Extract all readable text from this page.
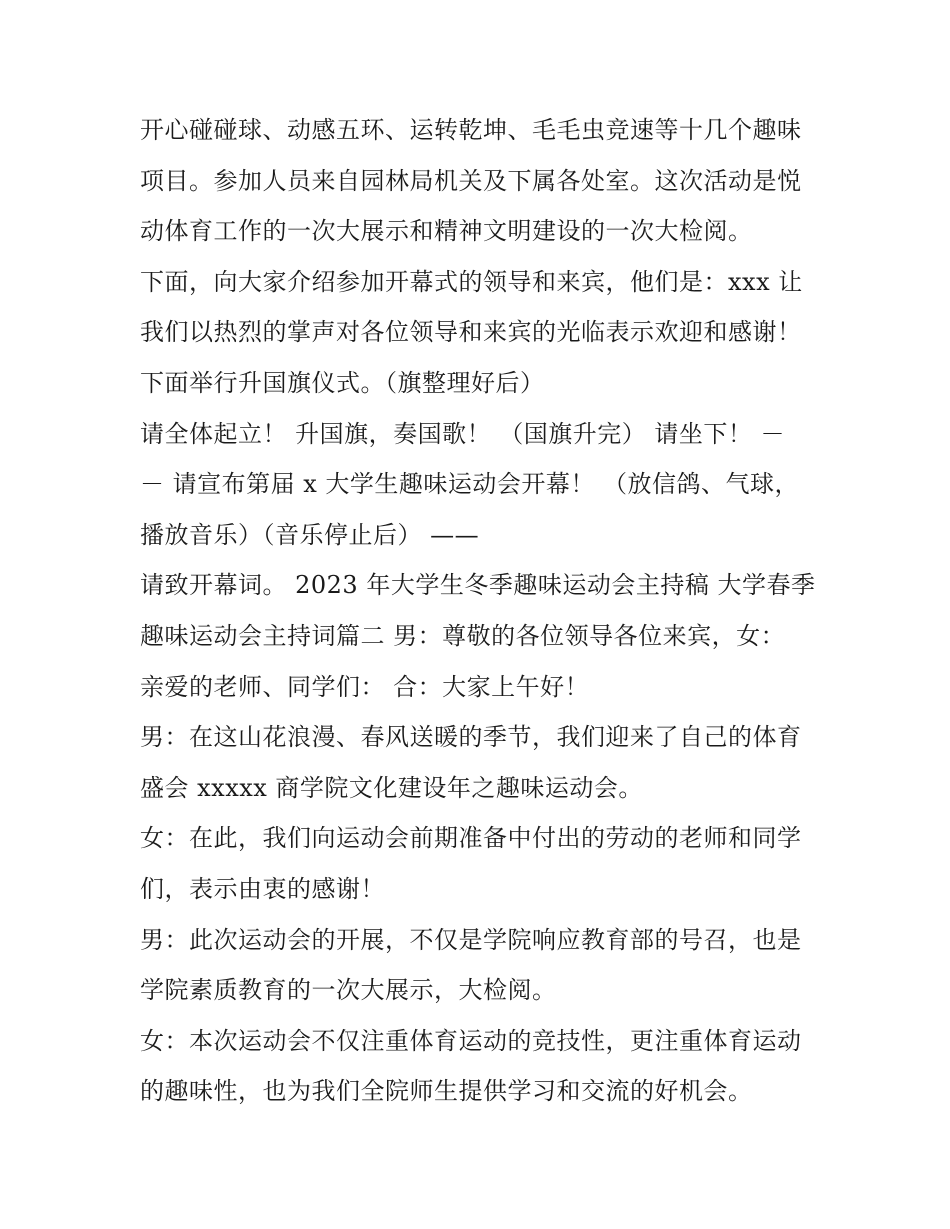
开心碰碰球、动感五环、运转乾坤、毛毛虫竞速等十几个趣味
项目。参加人员来自园林局机关及下属各处室。这次活动是悦
动体育工作的一次大展示和精神文明建设的一次大检阅。
下面，向大家介绍参加开幕式的领导和来宾，他们是：xxx 让
我们以热烈的掌声对各位领导和来宾的光临表示欢迎和感谢！
下面举行升国旗仪式。（旗整理好后）
请全体起立！ 升国旗，奏国歌！ （国旗升完） 请坐下！ －
－ 请宣布第届 x 大学生趣味运动会开幕！ （放信鸽、气球，
播放音乐）（音乐停止后） ——
请致开幕词。 2023 年大学生冬季趣味运动会主持稿 大学春季
趣味运动会主持词篇二 男：尊敬的各位领导各位来宾，女：
亲爱的老师、同学们： 合：大家上午好！
男：在这山花浪漫、春风送暖的季节，我们迎来了自己的体育
盛会 xxxxx 商学院文化建设年之趣味运动会。
女：在此，我们向运动会前期准备中付出的劳动的老师和同学
们，表示由衷的感谢！
男：此次运动会的开展，不仅是学院响应教育部的号召，也是
学院素质教育的一次大展示，大检阅。
女：本次运动会不仅注重体育运动的竞技性，更注重体育运动
的趣味性，也为我们全院师生提供学习和交流的好机会。
